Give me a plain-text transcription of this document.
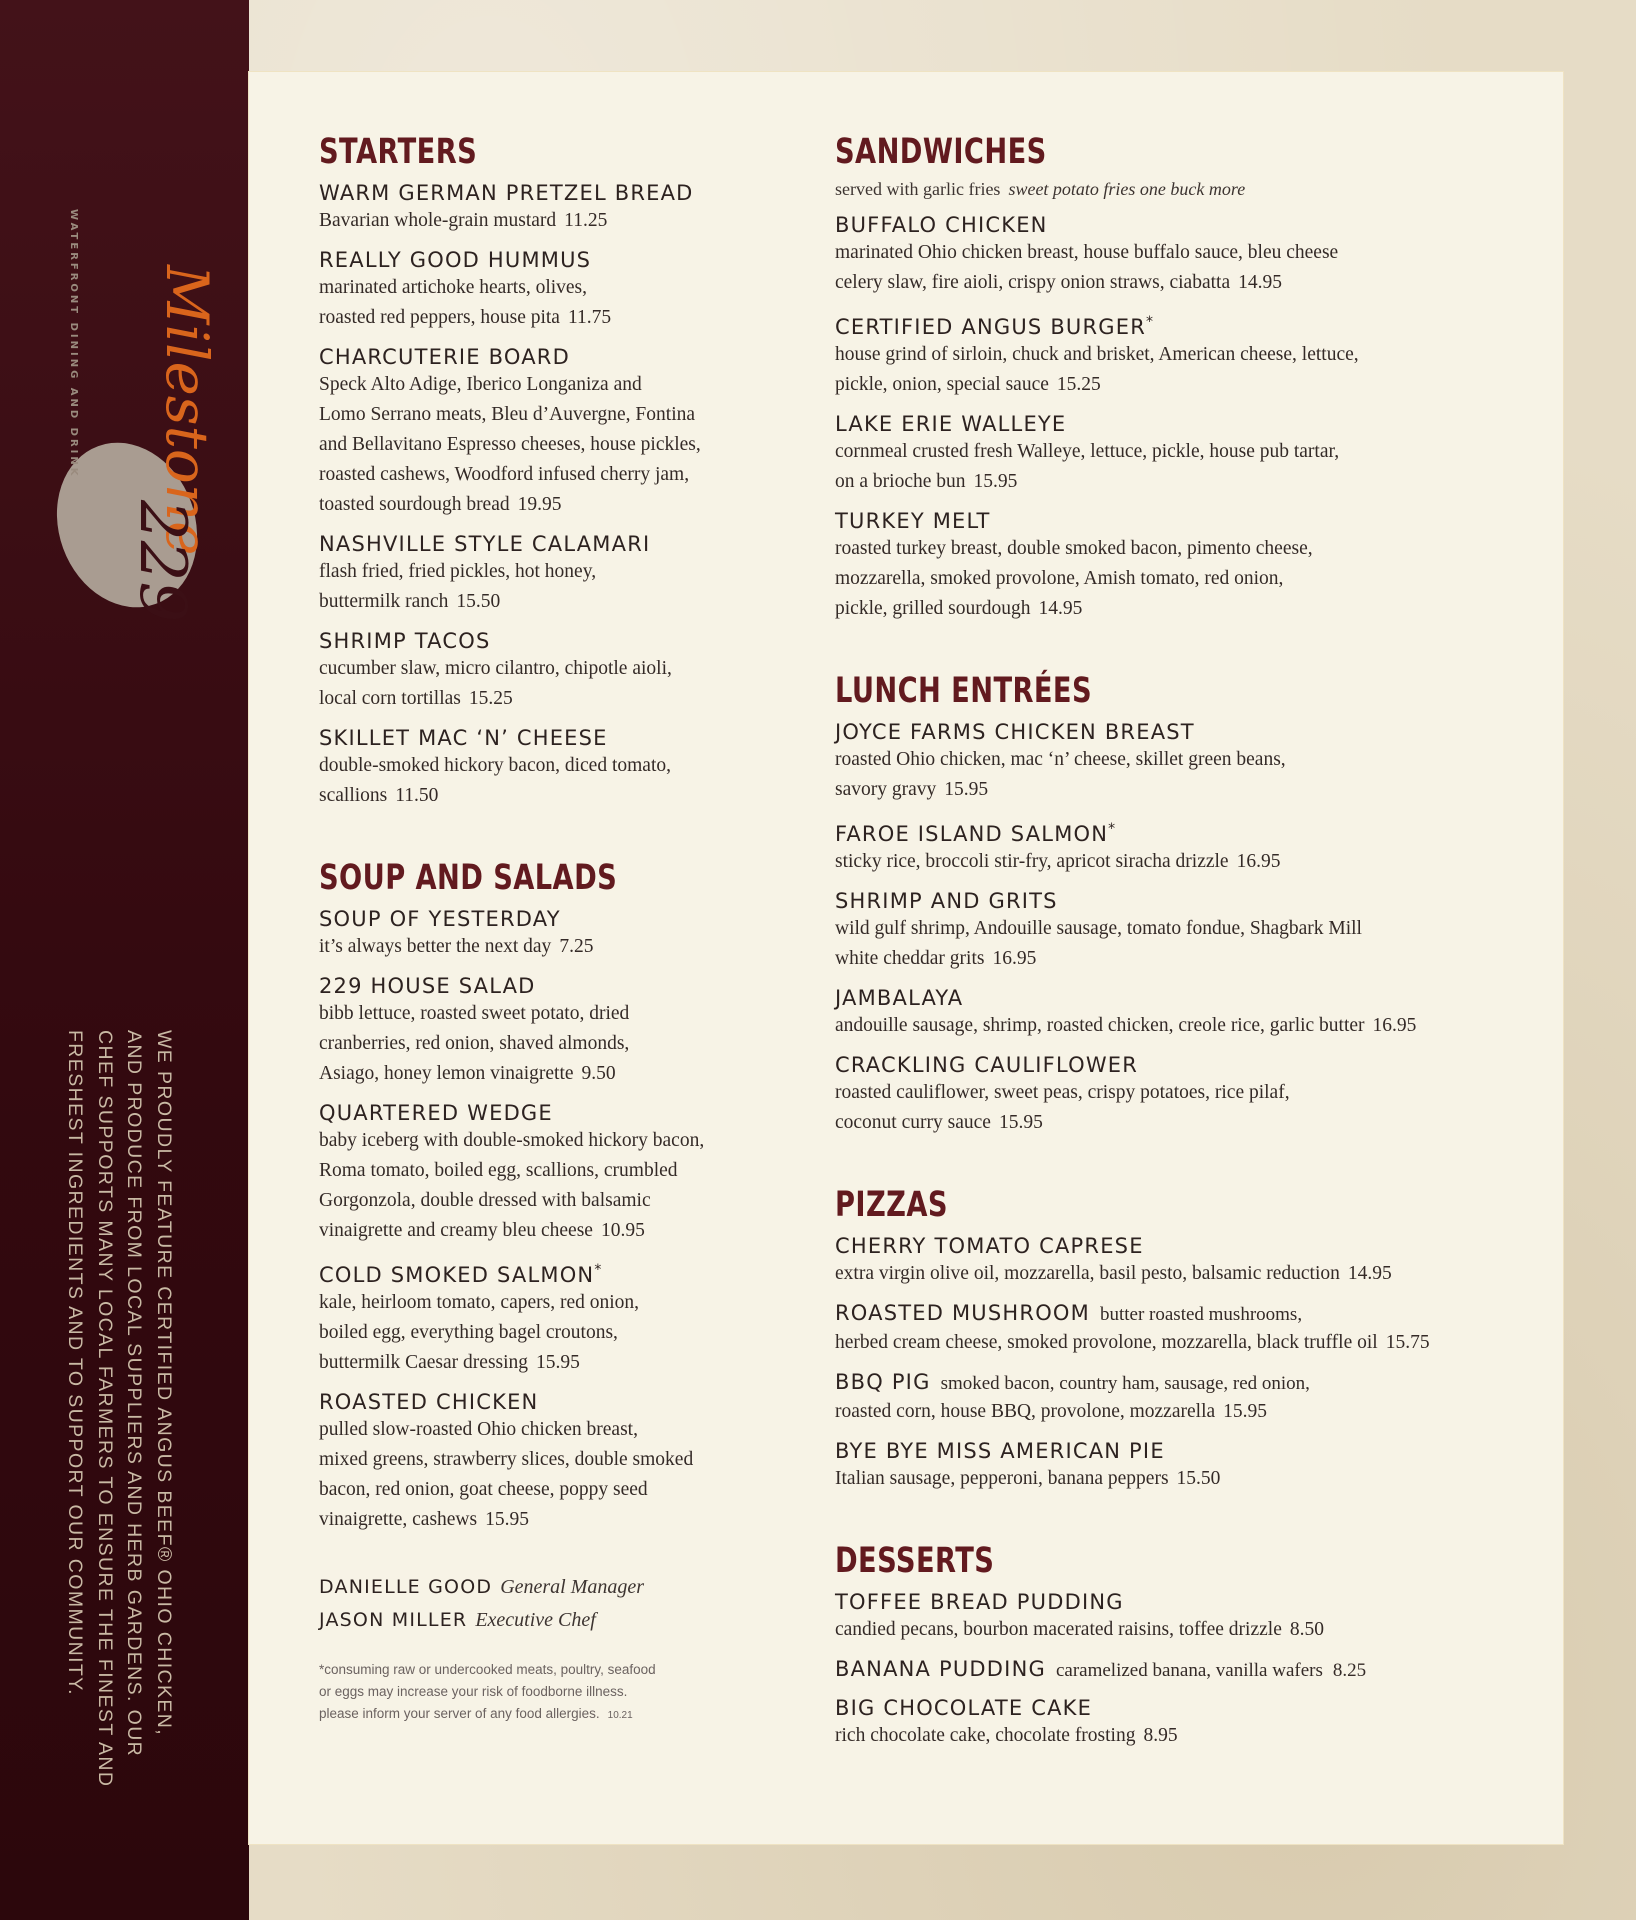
Milestone
229
WATERFRONT DINING AND DRINK
WE PROUDLY FEATURE CERTIFIED ANGUS BEEF® OHIO CHICKEN,
AND PRODUCE FROM LOCAL SUPPLIERS AND HERB GARDENS. OUR
CHEF SUPPORTS MANY LOCAL FARMERS TO ENSURE THE FINEST AND
FRESHEST INGREDIENTS AND TO SUPPORT OUR COMMUNITY.
STARTERS
WARM GERMAN PRETZEL BREAD
Bavarian whole-grain mustard 11.25
REALLY GOOD HUMMUS
marinated artichoke hearts, olives,
roasted red peppers, house pita 11.75
CHARCUTERIE BOARD
Speck Alto Adige, Iberico Longaniza and
Lomo Serrano meats, Bleu d’Auvergne, Fontina
and Bellavitano Espresso cheeses, house pickles,
roasted cashews, Woodford infused cherry jam,
toasted sourdough bread 19.95
NASHVILLE STYLE CALAMARI
flash fried, fried pickles, hot honey,
buttermilk ranch 15.50
SHRIMP TACOS
cucumber slaw, micro cilantro, chipotle aioli,
local corn tortillas 15.25
SKILLET MAC ‘N’ CHEESE
double-smoked hickory bacon, diced tomato,
scallions 11.50
SOUP AND SALADS
SOUP OF YESTERDAY
it’s always better the next day 7.25
229 HOUSE SALAD
bibb lettuce, roasted sweet potato, dried
cranberries, red onion, shaved almonds,
Asiago, honey lemon vinaigrette 9.50
QUARTERED WEDGE
baby iceberg with double-smoked hickory bacon,
Roma tomato, boiled egg, scallions, crumbled
Gorgonzola, double dressed with balsamic
vinaigrette and creamy bleu cheese 10.95
COLD SMOKED SALMON*
kale, heirloom tomato, capers, red onion,
boiled egg, everything bagel croutons,
buttermilk Caesar dressing 15.95
ROASTED CHICKEN
pulled slow-roasted Ohio chicken breast,
mixed greens, strawberry slices, double smoked
bacon, red onion, goat cheese, poppy seed
vinaigrette, cashews 15.95
DANIELLE GOOD General Manager
JASON MILLER Executive Chef
*consuming raw or undercooked meats, poultry, seafood
or eggs may increase your risk of foodborne illness.
please inform your server of any food allergies. 10.21
SANDWICHES
served with garlic fries sweet potato fries one buck more
BUFFALO CHICKEN
marinated Ohio chicken breast, house buffalo sauce, bleu cheese
celery slaw, fire aioli, crispy onion straws, ciabatta 14.95
CERTIFIED ANGUS BURGER*
house grind of sirloin, chuck and brisket, American cheese, lettuce,
pickle, onion, special sauce 15.25
LAKE ERIE WALLEYE
cornmeal crusted fresh Walleye, lettuce, pickle, house pub tartar,
on a brioche bun 15.95
TURKEY MELT
roasted turkey breast, double smoked bacon, pimento cheese,
mozzarella, smoked provolone, Amish tomato, red onion,
pickle, grilled sourdough 14.95
LUNCH ENTRÉES
JOYCE FARMS CHICKEN BREAST
roasted Ohio chicken, mac ‘n’ cheese, skillet green beans,
savory gravy 15.95
FAROE ISLAND SALMON*
sticky rice, broccoli stir-fry, apricot siracha drizzle 16.95
SHRIMP AND GRITS
wild gulf shrimp, Andouille sausage, tomato fondue, Shagbark Mill
white cheddar grits 16.95
JAMBALAYA
andouille sausage, shrimp, roasted chicken, creole rice, garlic butter 16.95
CRACKLING CAULIFLOWER
roasted cauliflower, sweet peas, crispy potatoes, rice pilaf,
coconut curry sauce 15.95
PIZZAS
CHERRY TOMATO CAPRESE
extra virgin olive oil, mozzarella, basil pesto, balsamic reduction 14.95
ROASTED MUSHROOM butter roasted mushrooms,
herbed cream cheese, smoked provolone, mozzarella, black truffle oil 15.75
BBQ PIG smoked bacon, country ham, sausage, red onion,
roasted corn, house BBQ, provolone, mozzarella 15.95
BYE BYE MISS AMERICAN PIE
Italian sausage, pepperoni, banana peppers 15.50
DESSERTS
TOFFEE BREAD PUDDING
candied pecans, bourbon macerated raisins, toffee drizzle 8.50
BANANA PUDDING caramelized banana, vanilla wafers 8.25
BIG CHOCOLATE CAKE
rich chocolate cake, chocolate frosting 8.95
